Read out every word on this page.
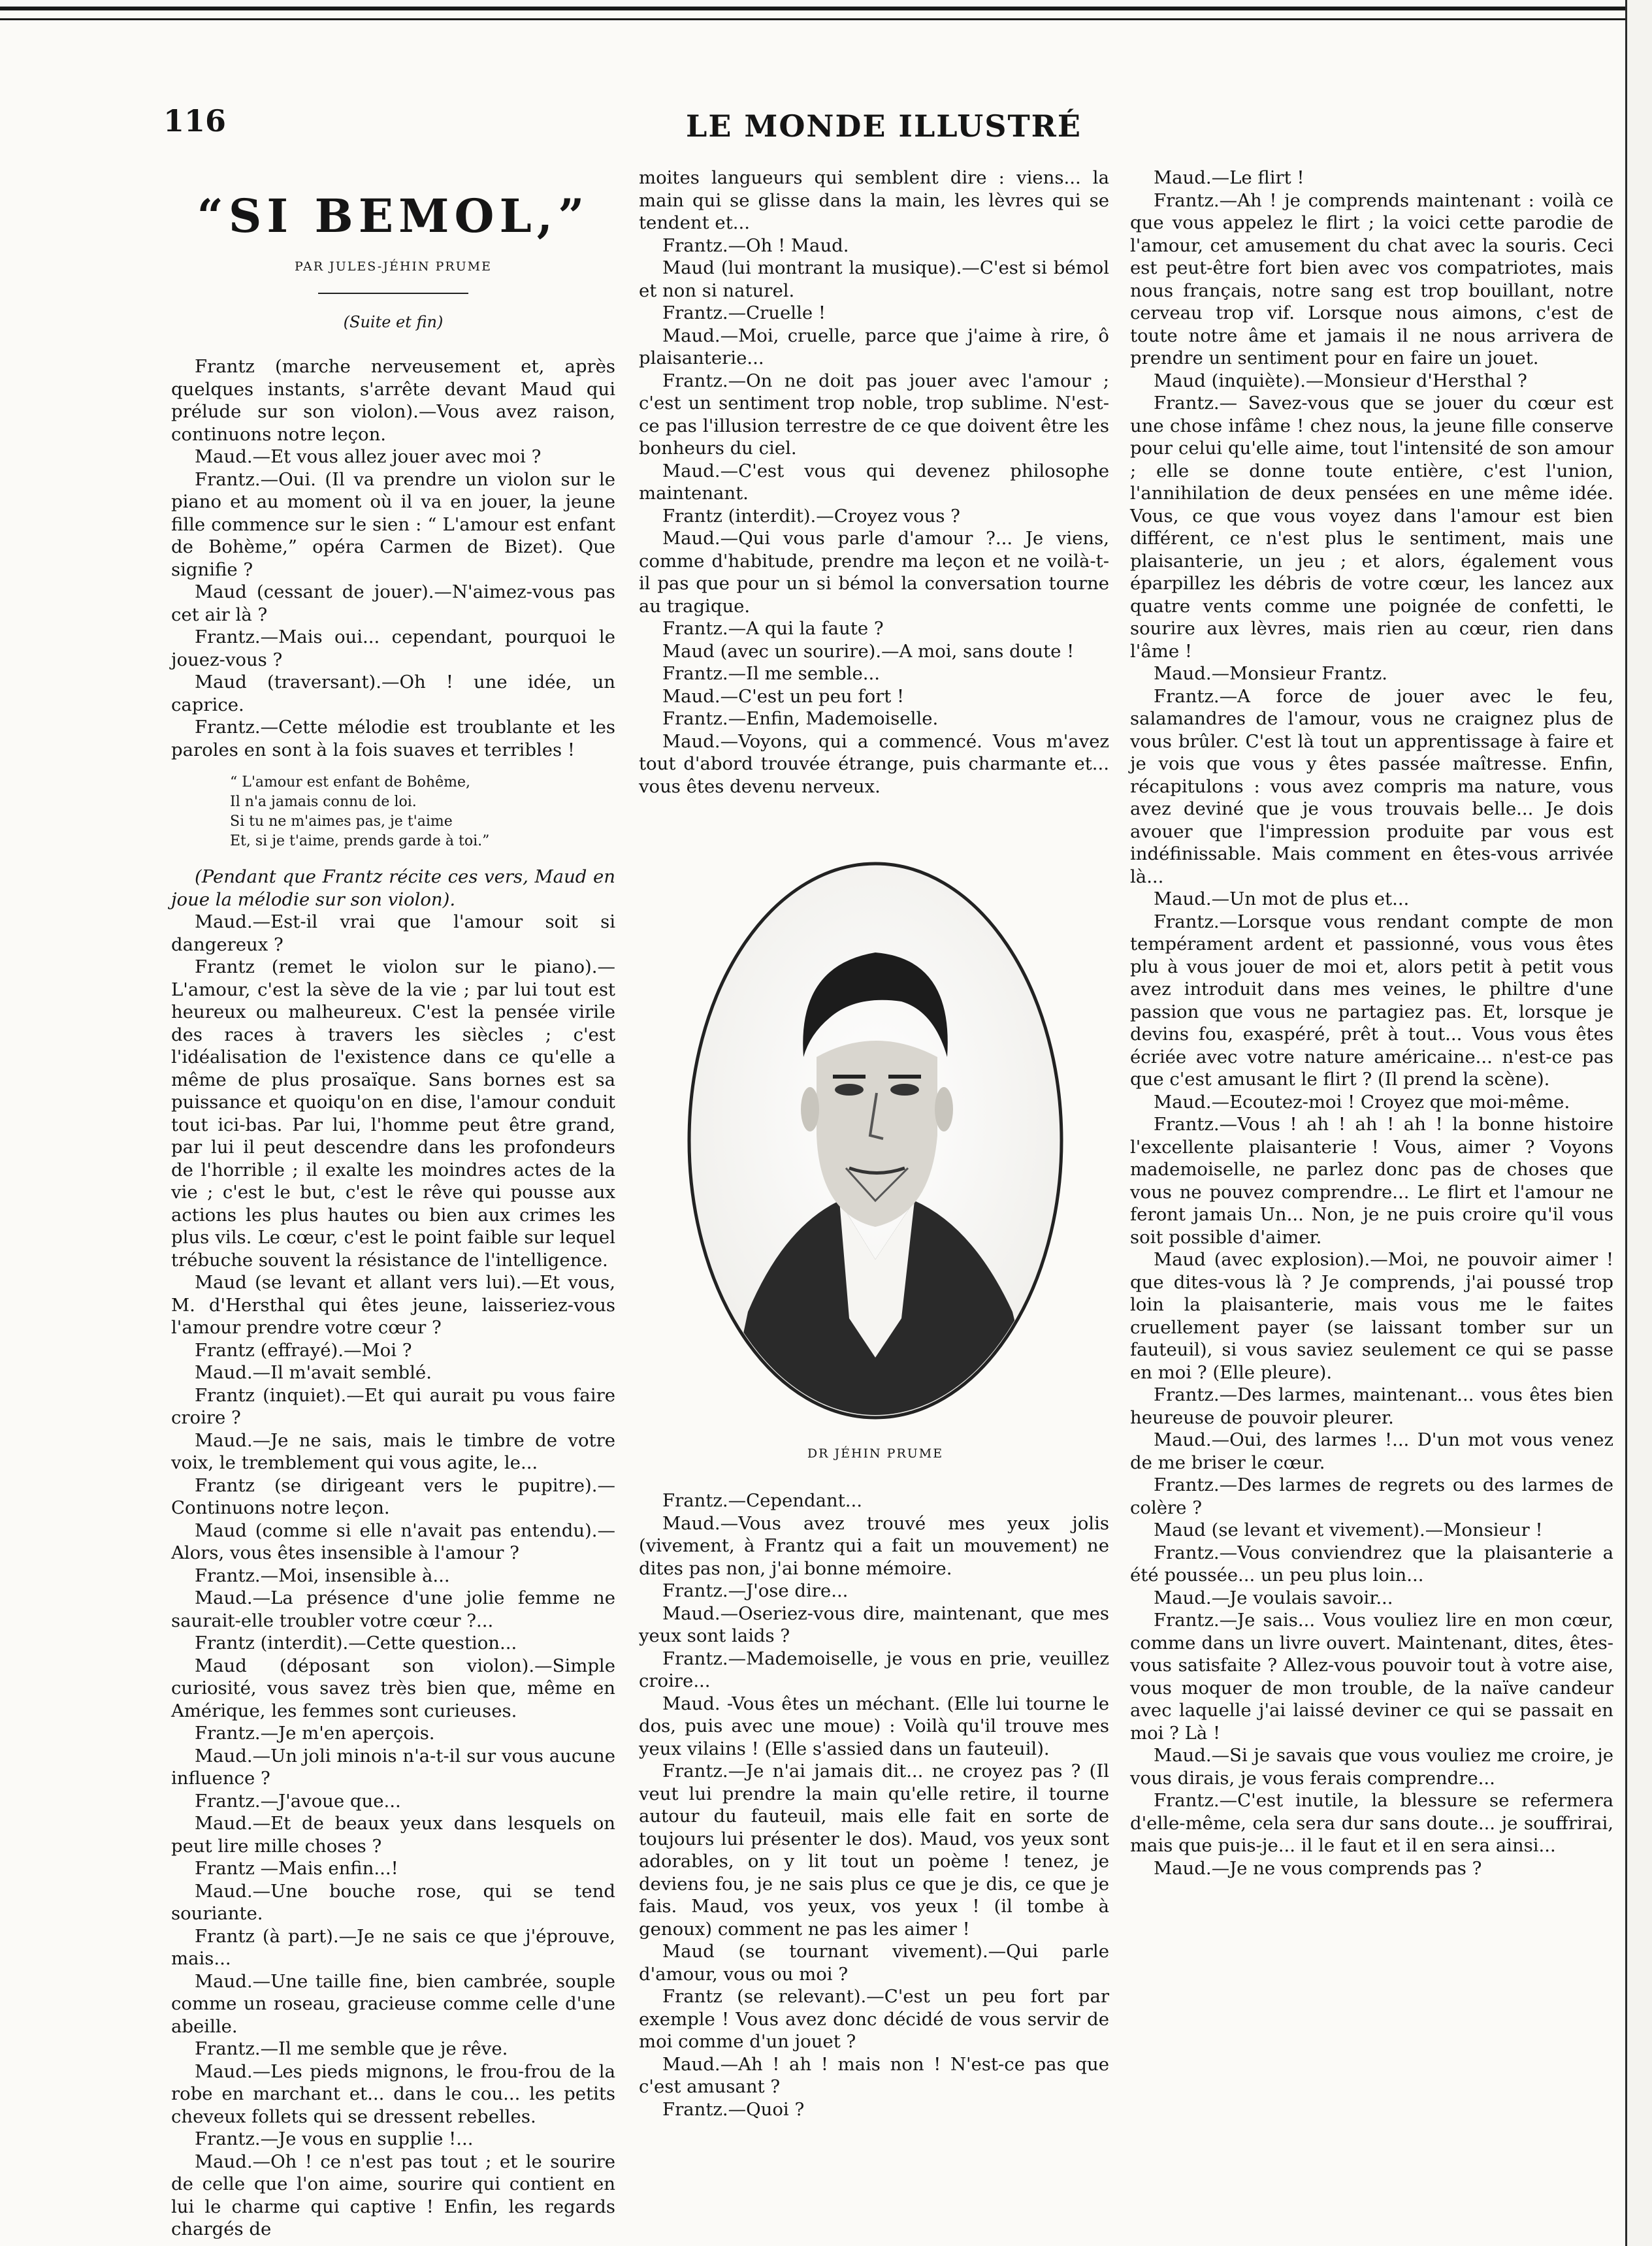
116	LE MONDE ILLUSTRÉ
“SI BEMOL,”
PAR JULES-JÉHIN PRUME
(Suite et fin)

Frantz (marche nerveusement et, après quelques instants, s'arrête devant Maud qui prélude sur son violon).—Vous avez raison, continuons notre leçon.

Maud.—Et vous allez jouer avec moi ?

Frantz.—Oui. (Il va prendre un violon sur le piano et au moment où il va en jouer, la jeune fille commence sur le sien : “ L'amour est enfant de Bohème,” opéra Carmen de Bizet). Que signifie ?

Maud (cessant de jouer).—N'aimez-vous pas cet air là ?

Frantz.—Mais oui... cependant, pourquoi le jouez-vous ?

Maud (traversant).—Oh ! une idée, un caprice.

Frantz.—Cette mélodie est troublante et les paroles en sont à la fois suaves et terribles !

“ L'amour est enfant de Bohême,
Il n'a jamais connu de loi.
Si tu ne m'aimes pas, je t'aime
Et, si je t'aime, prends garde à toi.”

(Pendant que Frantz récite ces vers, Maud en joue la mélodie sur son violon).

Maud.—Est-il vrai que l'amour soit si dangereux ?

Frantz (remet le violon sur le piano).—L'amour, c'est la sève de la vie ; par lui tout est heureux ou malheureux. C'est la pensée virile des races à travers les siècles ; c'est l'idéalisation de l'existence dans ce qu'elle a même de plus prosaïque. Sans bornes est sa puissance et quoiqu'on en dise, l'amour conduit tout ici-bas. Par lui, l'homme peut être grand, par lui il peut descendre dans les profondeurs de l'horrible ; il exalte les moindres actes de la vie ; c'est le but, c'est le rêve qui pousse aux actions les plus hautes ou bien aux crimes les plus vils. Le cœur, c'est le point faible sur lequel trébuche souvent la résistance de l'intelligence.

Maud (se levant et allant vers lui).—Et vous, M. d'Hersthal qui êtes jeune, laisseriez-vous l'amour prendre votre cœur ?

Frantz (effrayé).—Moi ?

Maud.—Il m'avait semblé.

Frantz (inquiet).—Et qui aurait pu vous faire croire ?

Maud.—Je ne sais, mais le timbre de votre voix, le tremblement qui vous agite, le...

Frantz (se dirigeant vers le pupitre).—Continuons notre leçon.

Maud (comme si elle n'avait pas entendu).—Alors, vous êtes insensible à l'amour ?

Frantz.—Moi, insensible à...

Maud.—La présence d'une jolie femme ne saurait-elle troubler votre cœur ?...

Frantz (interdit).—Cette question...

Maud (déposant son violon).—Simple curiosité, vous savez très bien que, même en Amérique, les femmes sont curieuses.

Frantz.—Je m'en aperçois.

Maud.—Un joli minois n'a-t-il sur vous aucune influence ?

Frantz.—J'avoue que...

Maud.—Et de beaux yeux dans lesquels on peut lire mille choses ?

Frantz —Mais enfin...!

Maud.—Une bouche rose, qui se tend souriante.

Frantz (à part).—Je ne sais ce que j'éprouve, mais...

Maud.—Une taille fine, bien cambrée, souple comme un roseau, gracieuse comme celle d'une abeille.

Frantz.—Il me semble que je rêve.

Maud.—Les pieds mignons, le frou-frou de la robe en marchant et... dans le cou... les petits cheveux follets qui se dressent rebelles.

Frantz.—Je vous en supplie !...

Maud.—Oh ! ce n'est pas tout ; et le sourire de celle que l'on aime, sourire qui contient en lui le charme qui captive ! Enfin, les regards chargés de

moites langueurs qui semblent dire : viens... la main qui se glisse dans la main, les lèvres qui se tendent et...

Frantz.—Oh ! Maud.

Maud (lui montrant la musique).—C'est si bémol et non si naturel.

Frantz.—Cruelle !

Maud.—Moi, cruelle, parce que j'aime à rire, ô plaisanterie...

Frantz.—On ne doit pas jouer avec l'amour ; c'est un sentiment trop noble, trop sublime. N'est-ce pas l'illusion terrestre de ce que doivent être les bonheurs du ciel.

Maud.—C'est vous qui devenez philosophe maintenant.

Frantz (interdit).—Croyez vous ?

Maud.—Qui vous parle d'amour ?... Je viens, comme d'habitude, prendre ma leçon et ne voilà-t-il pas que pour un si bémol la conversation tourne au tragique.

Frantz.—A qui la faute ?

Maud (avec un sourire).—A moi, sans doute !

Frantz.—Il me semble...

Maud.—C'est un peu fort !

Frantz.—Enfin, Mademoiselle.

Maud.—Voyons, qui a commencé. Vous m'avez tout d'abord trouvée étrange, puis charmante et... vous êtes devenu nerveux.

DR JÉHIN PRUME

Frantz.—Cependant...

Maud.—Vous avez trouvé mes yeux jolis (vivement, à Frantz qui a fait un mouvement) ne dites pas non, j'ai bonne mémoire.

Frantz.—J'ose dire...

Maud.—Oseriez-vous dire, maintenant, que mes yeux sont laids ?

Frantz.—Mademoiselle, je vous en prie, veuillez croire...

Maud. -Vous êtes un méchant. (Elle lui tourne le dos, puis avec une moue) : Voilà qu'il trouve mes yeux vilains ! (Elle s'assied dans un fauteuil).

Frantz.—Je n'ai jamais dit... ne croyez pas ? (Il veut lui prendre la main qu'elle retire, il tourne autour du fauteuil, mais elle fait en sorte de toujours lui présenter le dos). Maud, vos yeux sont adorables, on y lit tout un poème ! tenez, je deviens fou, je ne sais plus ce que je dis, ce que je fais. Maud, vos yeux, vos yeux ! (il tombe à genoux) comment ne pas les aimer !

Maud (se tournant vivement).—Qui parle d'amour, vous ou moi ?

Frantz (se relevant).—C'est un peu fort par exemple ! Vous avez donc décidé de vous servir de moi comme d'un jouet ?

Maud.—Ah ! ah ! mais non ! N'est-ce pas que c'est amusant ?

Frantz.—Quoi ?

Maud.—Le flirt !

Frantz.—Ah ! je comprends maintenant : voilà ce que vous appelez le flirt ; la voici cette parodie de l'amour, cet amusement du chat avec la souris. Ceci est peut-être fort bien avec vos compatriotes, mais nous français, notre sang est trop bouillant, notre cerveau trop vif. Lorsque nous aimons, c'est de toute notre âme et jamais il ne nous arrivera de prendre un sentiment pour en faire un jouet.

Maud (inquiète).—Monsieur d'Hersthal ?

Frantz.— Savez-vous que se jouer du cœur est une chose infâme ! chez nous, la jeune fille conserve pour celui qu'elle aime, tout l'intensité de son amour ; elle se donne toute entière, c'est l'union, l'annihilation de deux pensées en une même idée. Vous, ce que vous voyez dans l'amour est bien différent, ce n'est plus le sentiment, mais une plaisanterie, un jeu ; et alors, également vous éparpillez les débris de votre cœur, les lancez aux quatre vents comme une poignée de confetti, le sourire aux lèvres, mais rien au cœur, rien dans l'âme !

Maud.—Monsieur Frantz.

Frantz.—A force de jouer avec le feu, salamandres de l'amour, vous ne craignez plus de vous brûler. C'est là tout un apprentissage à faire et je vois que vous y êtes passée maîtresse. Enfin, récapitulons : vous avez compris ma nature, vous avez deviné que je vous trouvais belle... Je dois avouer que l'impression produite par vous est indéfinissable. Mais comment en êtes-vous arrivée là...

Maud.—Un mot de plus et...

Frantz.—Lorsque vous rendant compte de mon tempérament ardent et passionné, vous vous êtes plu à vous jouer de moi et, alors petit à petit vous avez introduit dans mes veines, le philtre d'une passion que vous ne partagiez pas. Et, lorsque je devins fou, exaspéré, prêt à tout... Vous vous êtes écriée avec votre nature américaine... n'est-ce pas que c'est amusant le flirt ? (Il prend la scène).

Maud.—Ecoutez-moi ! Croyez que moi-même.

Frantz.—Vous ! ah ! ah ! ah ! la bonne histoire l'excellente plaisanterie ! Vous, aimer ? Voyons mademoiselle, ne parlez donc pas de choses que vous ne pouvez comprendre... Le flirt et l'amour ne feront jamais Un... Non, je ne puis croire qu'il vous soit possible d'aimer.

Maud (avec explosion).—Moi, ne pouvoir aimer ! que dites-vous là ? Je comprends, j'ai poussé trop loin la plaisanterie, mais vous me le faites cruellement payer (se laissant tomber sur un fauteuil), si vous saviez seulement ce qui se passe en moi ? (Elle pleure).

Frantz.—Des larmes, maintenant... vous êtes bien heureuse de pouvoir pleurer.

Maud.—Oui, des larmes !... D'un mot vous venez de me briser le cœur.

Frantz.—Des larmes de regrets ou des larmes de colère ?

Maud (se levant et vivement).—Monsieur !

Frantz.—Vous conviendrez que la plaisanterie a été poussée... un peu plus loin...

Maud.—Je voulais savoir...

Frantz.—Je sais... Vous vouliez lire en mon cœur, comme dans un livre ouvert. Maintenant, dites, êtes-vous satisfaite ? Allez-vous pouvoir tout à votre aise, vous moquer de mon trouble, de la naïve candeur avec laquelle j'ai laissé deviner ce qui se passait en moi ? Là !

Maud.—Si je savais que vous vouliez me croire, je vous dirais, je vous ferais comprendre...

Frantz.—C'est inutile, la blessure se refermera d'elle-même, cela sera dur sans doute... je souffrirai, mais que puis-je... il le faut et il en sera ainsi...

Maud.—Je ne vous comprends pas ?
